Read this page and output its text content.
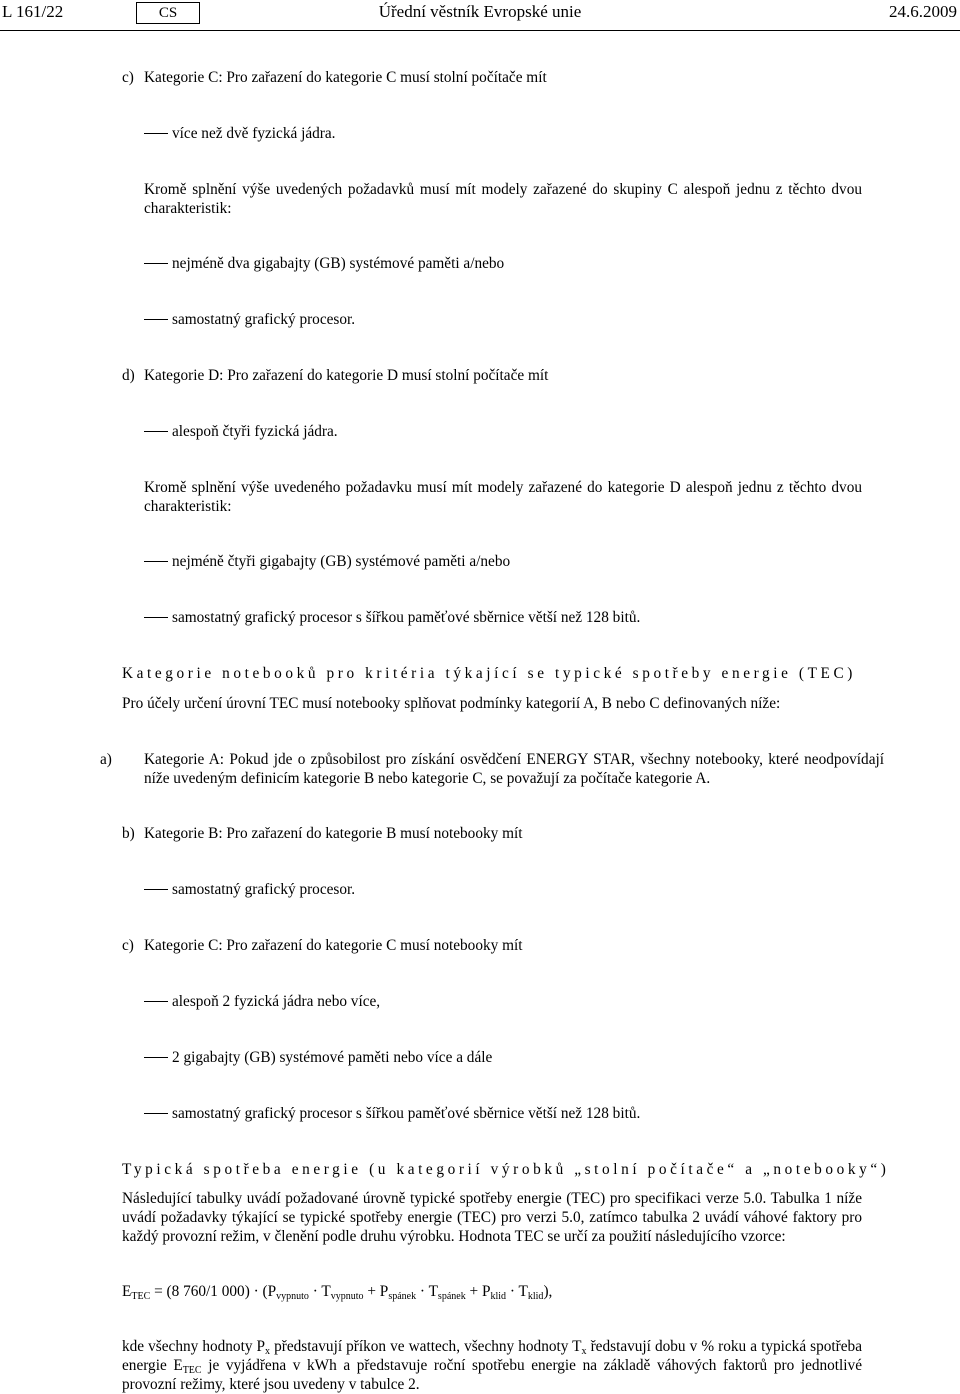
L 161/22	CS	Úřední věstník Evropské unie	24.6.2009
c) Kategorie C: Pro zařazení do kategorie C musí stolní počítače mít
více než dvě fyzická jádra.
Kromě splnění výše uvedených požadavků musí mít modely zařazené do skupiny C alespoň jednu z těchto dvou charakteristik:
nejméně dva gigabajty (GB) systémové paměti a/nebo
samostatný grafický procesor.
d) Kategorie D: Pro zařazení do kategorie D musí stolní počítače mít
alespoň čtyři fyzická jádra.
Kromě splnění výše uvedeného požadavku musí mít modely zařazené do kategorie D alespoň jednu z těchto dvou charakteristik:
nejméně čtyři gigabajty (GB) systémové paměti a/nebo
samostatný grafický procesor s šířkou paměťové sběrnice větší než 128 bitů.
Kategorie notebooků pro kritéria týkající se typické spotřeby energie (TEC)
Pro účely určení úrovní TEC musí notebooky splňovat podmínky kategorií A, B nebo C definovaných níže:
a) Kategorie A: Pokud jde o způsobilost pro získání osvědčení ENERGY STAR, všechny notebooky, které neodpovídají níže uvedeným definicím kategorie B nebo kategorie C, se považují za počítače kategorie A.
b) Kategorie B: Pro zařazení do kategorie B musí notebooky mít
samostatný grafický procesor.
c) Kategorie C: Pro zařazení do kategorie C musí notebooky mít
alespoň 2 fyzická jádra nebo více,
2 gigabajty (GB) systémové paměti nebo více a dále
samostatný grafický procesor s šířkou paměťové sběrnice větší než 128 bitů.
Typická spotřeba energie (u kategorií výrobků „stolní počítače“ a „notebooky“)
Následující tabulky uvádí požadované úrovně typické spotřeby energie (TEC) pro specifikaci verze 5.0. Tabulka 1 níže uvádí požadavky týkající se typické spotřeby energie (TEC) pro verzi 5.0, zatímco tabulka 2 uvádí váhové faktory pro každý provozní režim, v členění podle druhu výrobku. Hodnota TEC se určí za použití následujícího vzorce:
$E_{TEC} = (8$ 760/1 $000) \cdot (P_{vypnuto} \cdot T_{vypnuto} + P_{spánek} \cdot T_{spánek} + P_{klid} \cdot T_{klid})$,
kde všechny hodnoty $P_x$ představují příkon ve wattech, všechny hodnoty $T_x$ ředstavují dobu v % roku a typická spotřeba energie $E_{TEC}$ je vyjádřena v kWh a představuje roční spotřebu energie na základě váhových faktorů pro jednotlivé provozní režimy, které jsou uvedeny v tabulce 2.
